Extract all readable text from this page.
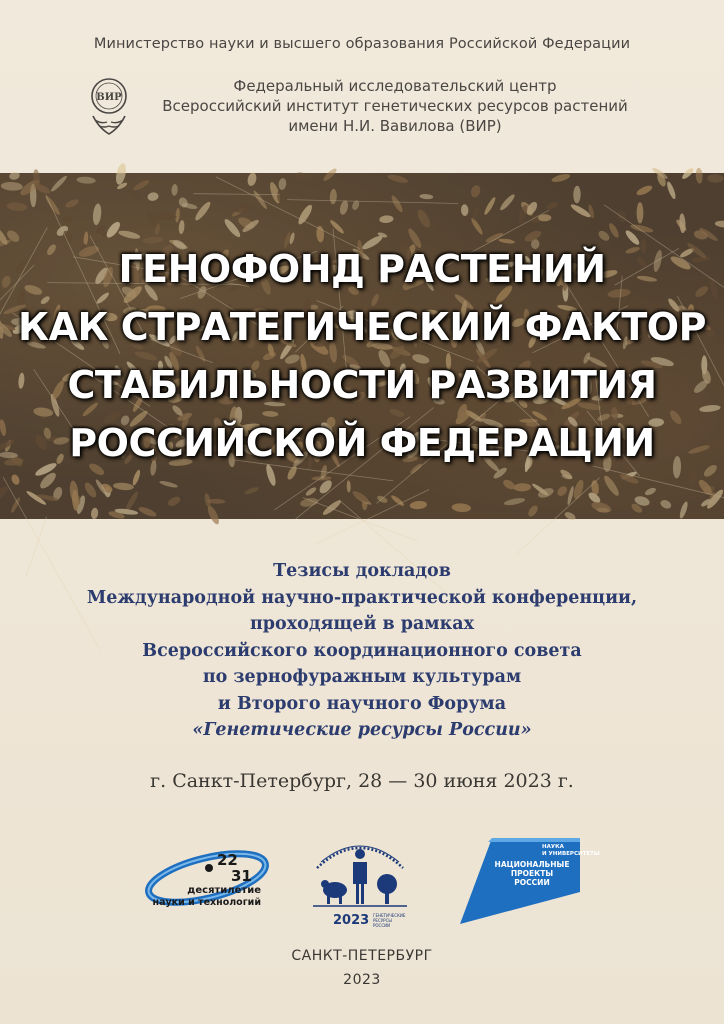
Министерство науки и высшего образования Российской Федерации
ВИР
Федеральный исследовательский центр
Всероссийский институт генетических ресурсов растений
имени Н.И. Вавилова (ВИР)
ГЕНОФОНД РАСТЕНИЙ
КАК СТРАТЕГИЧЕСКИЙ ФАКТОР
СТАБИЛЬНОСТИ РАЗВИТИЯ
РОССИЙСКОЙ ФЕДЕРАЦИИ
Тезисы докладов
Международной научно-практической конференции,
проходящей в рамках
Всероссийского координационного совета
по зернофуражным культурам
и Второго научного Форума
«Генетические ресурсы России»
г. Санкт-Петербург, 28 — 30 июня 2023 г.
22
31
десятилетие
науки и технологий
2023 ГЕНЕТИЧЕСКИЕ
РЕСУРСЫ
РОССИИ
НАУКА
И УНИВЕРСИТЕТЫ
НАЦИОНАЛЬНЫЕ
ПРОЕКТЫ
РОССИИ
САНКТ-ПЕТЕРБУРГ
2023
